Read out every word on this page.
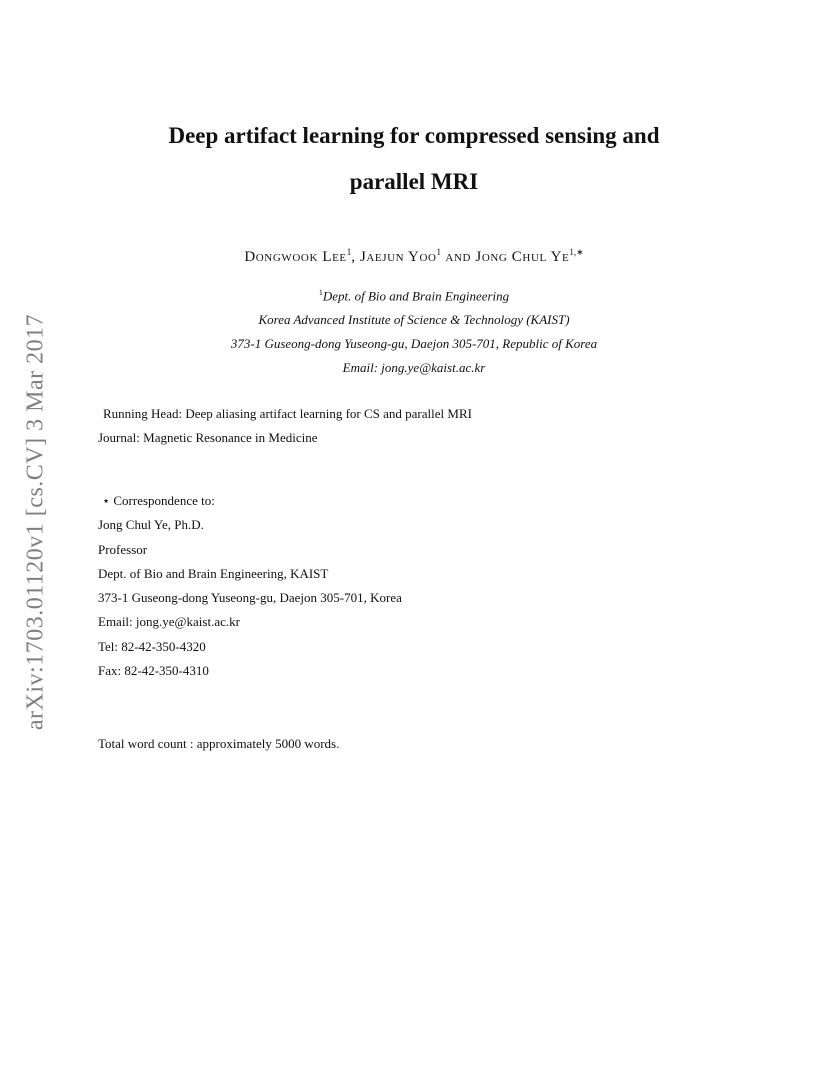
arXiv:1703.01120v1 [cs.CV] 3 Mar 2017
Deep artifact learning for compressed sensing and
parallel MRI
Dongwook Lee$^1$, Jaejun Yoo$^1$ and Jong Chul $Ye^{1,∗}$
$^1$Dept. of Bio and Brain Engineering
Korea Advanced Institute of Science & Technology (KAIST)
373-1 Guseong-dong Yuseong-gu, Daejon 305-701, Republic of Korea
Email: jong.ye@kaist.ac.kr
Running Head: Deep aliasing artifact learning for CS and parallel MRI
Journal: Magnetic Resonance in Medicine
⋆ Correspondence to:
Jong Chul Ye, Ph.D.
Professor
Dept. of Bio and Brain Engineering, KAIST
373-1 Guseong-dong Yuseong-gu, Daejon 305-701, Korea
Email: jong.ye@kaist.ac.kr
Tel: 82-42-350-4320
Fax: 82-42-350-4310
Total word count : approximately 5000 words.
